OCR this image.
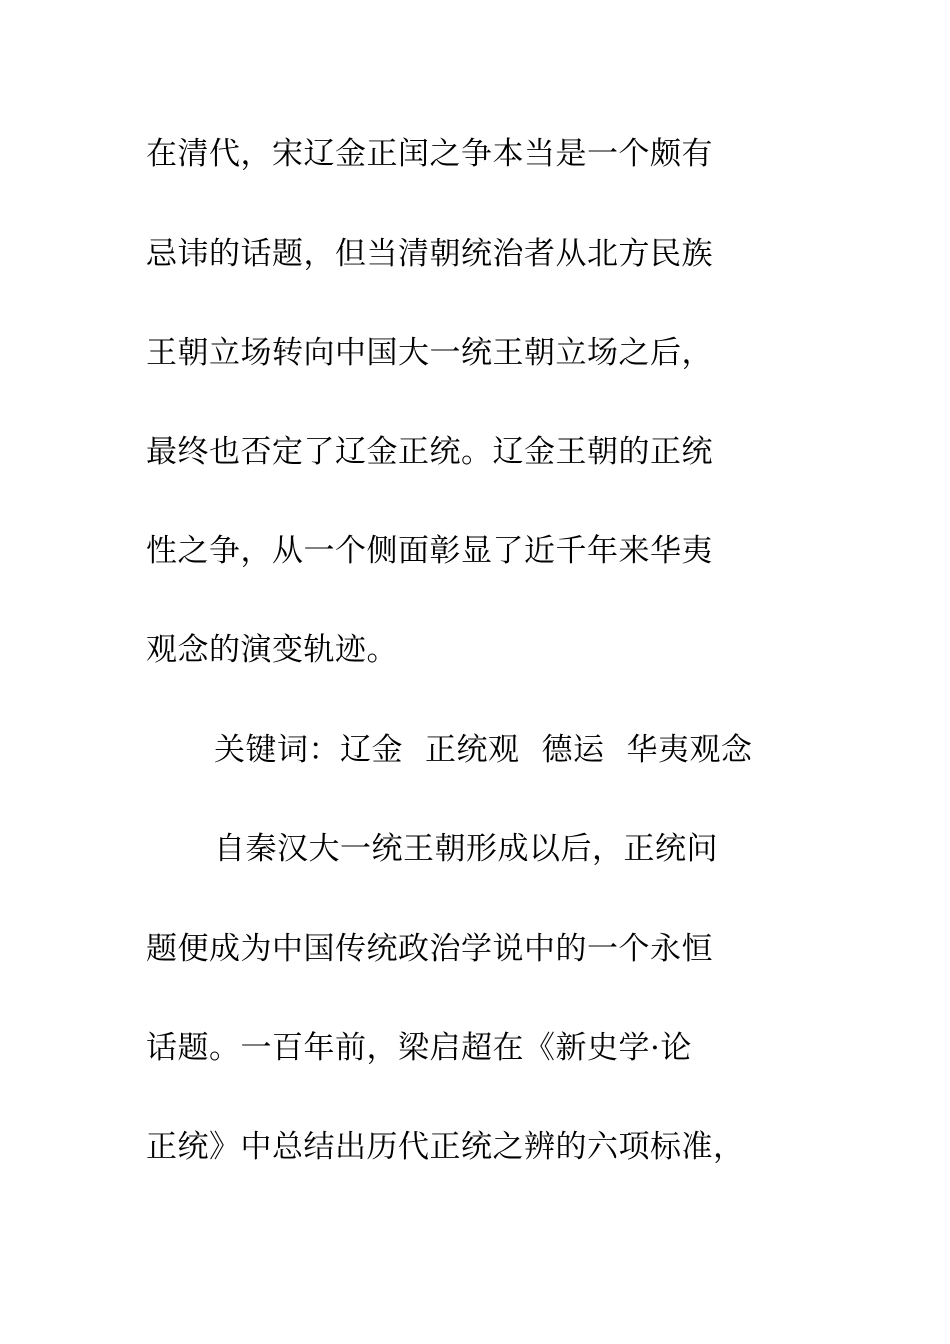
在清代，宋辽金正闰之争本当是一个颇有
忌讳的话题，但当清朝统治者从北方民族
王朝立场转向中国大一统王朝立场之后，
最终也否定了辽金正统。辽金王朝的正统
性之争，从一个侧面彰显了近千年来华夷
观念的演变轨迹。
关键词：辽金 正统观 德运 华夷观念
自秦汉大一统王朝形成以后，正统问
题便成为中国传统政治学说中的一个永恒
话题。一百年前，梁启超在《新史学·论
正统》中总结出历代正统之辨的六项标准，
